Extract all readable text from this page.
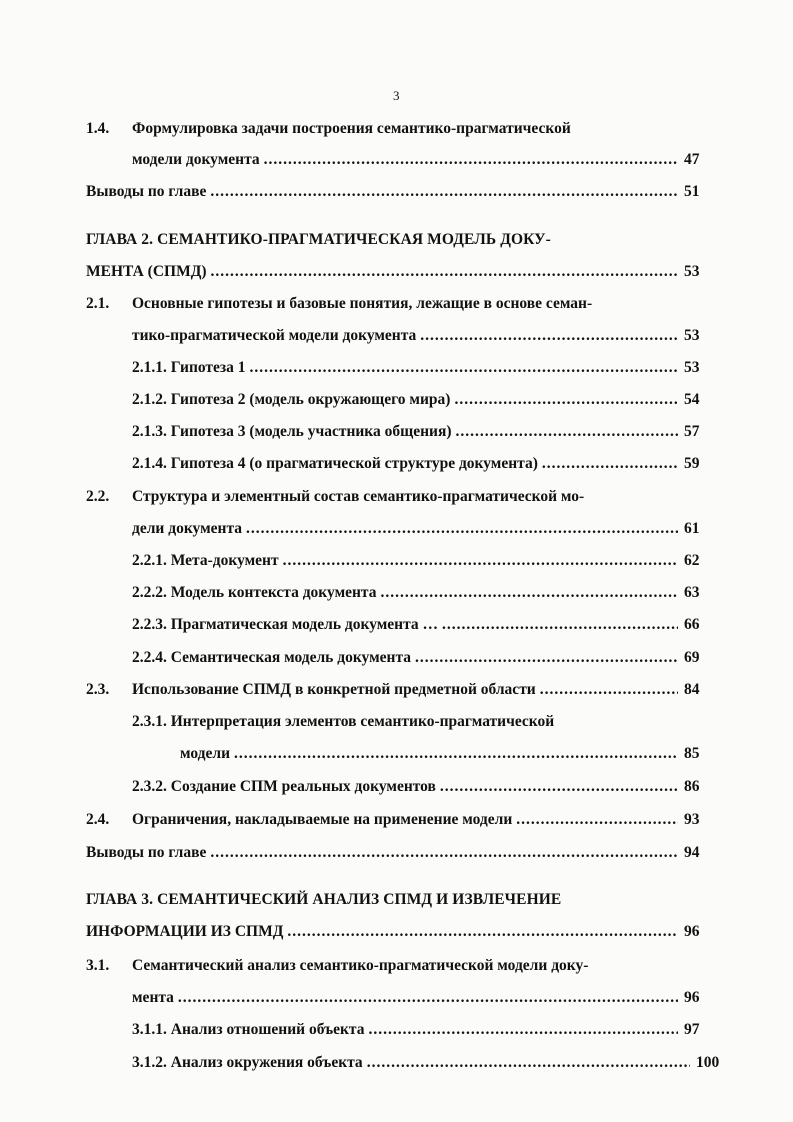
3
1.4. Формулировка задачи построения семантико-прагматической
модели документа .....	47
Выводы по главе .....	51
ГЛАВА 2. СЕМАНТИКО-ПРАГМАТИЧЕСКАЯ МОДЕЛЬ ДОКУ-
МЕНТА (СПМД) .....	53
2.1. Основные гипотезы и базовые понятия, лежащие в основе семан-
тико-прагматической модели документа .....	53
2.1.1. Гипотеза 1 .....	53
2.1.2. Гипотеза 2 (модель окружающего мира) .....	54
2.1.3. Гипотеза 3 (модель участника общения) .....	57
2.1.4. Гипотеза 4 (о прагматической структуре документа) .....	59
2.2. Структура и элементный состав семантико-прагматической мо-
дели документа .....	61
2.2.1. Мета-документ .....	62
2.2.2. Модель контекста документа .....	63
2.2.3. Прагматическая модель документа … .....	66
2.2.4. Семантическая модель документа .....	69
2.3. Использование СПМД в конкретной предметной области .....	84
2.3.1. Интерпретация элементов семантико-прагматической
модели .....	85
2.3.2. Создание СПМ реальных документов .....	86
2.4. Ограничения, накладываемые на применение модели .....	93
Выводы по главе .....	94
ГЛАВА 3. СЕМАНТИЧЕСКИЙ АНАЛИЗ СПМД И ИЗВЛЕЧЕНИЕ
ИНФОРМАЦИИ ИЗ СПМД .....	96
3.1. Семантический анализ семантико-прагматической модели доку-
мента .....	96
3.1.1. Анализ отношений объекта .....	97
3.1.2. Анализ окружения объекта .....	100
